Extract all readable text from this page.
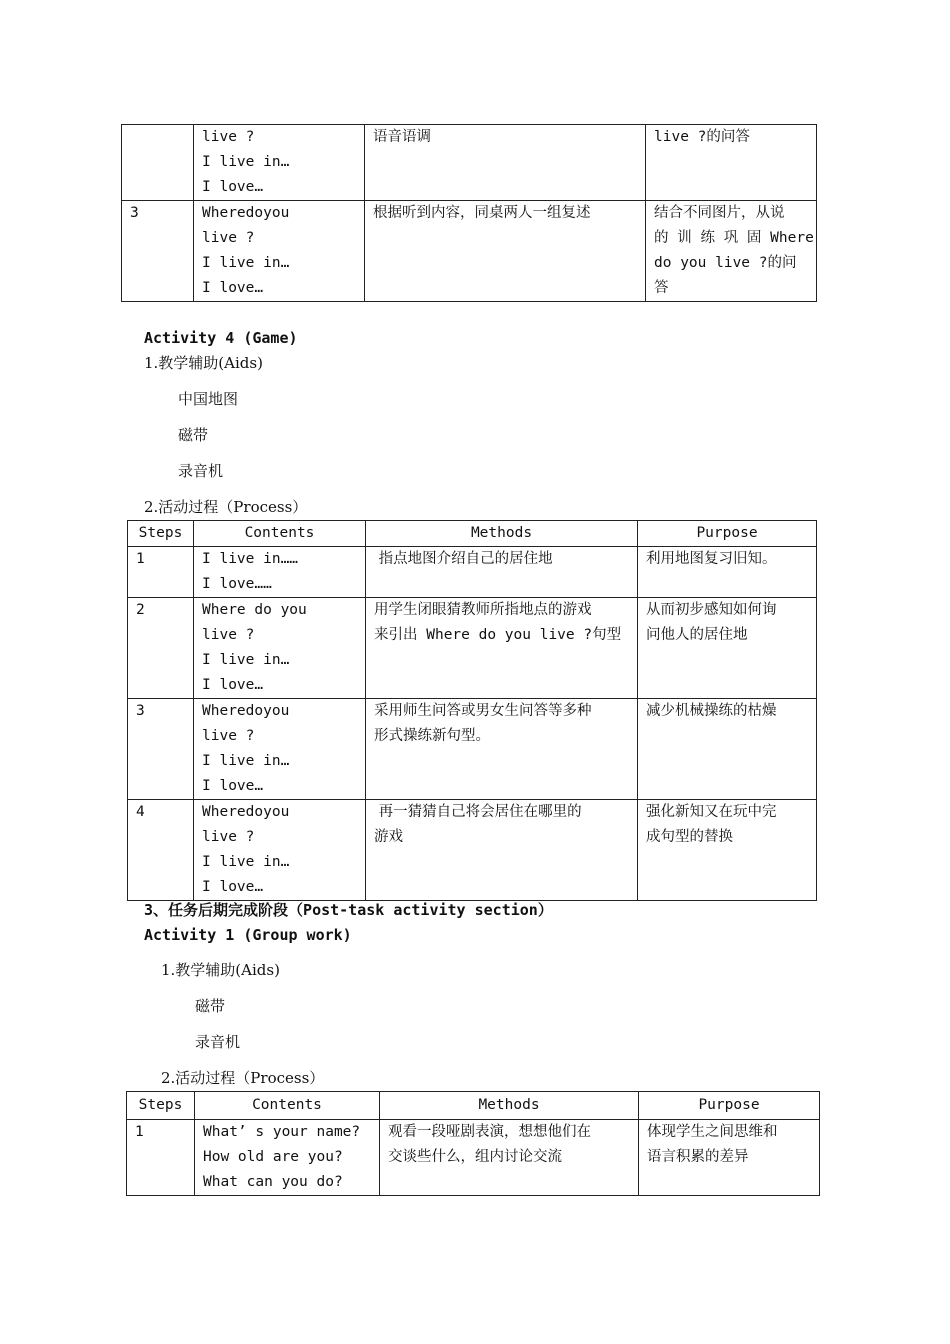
	live ?
I live in…
I love…	语音语调	live ?的问答

3	Wheredoyou
live ?
I live in…
I love…	根据听到内容，同桌两人一组复述	结合不同图片，从说
的 训 练 巩 固 Where
do you live ?的问
答
Activity 4 (Game)
1.教学辅助(Aids)
中国地图
磁带
录音机
2.活动过程（Process）
Steps	Contents	Methods	Purpose

1	I live in……
I love……	指点地图介绍自己的居住地	利用地图复习旧知。

2	Where do you
live ?
I live in…
I love…	用学生闭眼猜教师所指地点的游戏
来引出 Where do you live ?句型	从而初步感知如何询
问他人的居住地

3	Wheredoyou
live ?
I live in…
I love…	采用师生问答或男女生问答等多种
形式操练新句型。	减少机械操练的枯燥

4	Wheredoyou
live ?
I live in…
I love…	再一猜猜自己将会居住在哪里的
游戏	强化新知又在玩中完
成句型的替换
3、任务后期完成阶段（Post-task activity section）
Activity 1 (Group work)
1.教学辅助(Aids)
磁带
录音机
2.活动过程（Process）
Steps	Contents	Methods	Purpose

1	What’ s your name?
How old are you?
What can you do?	观看一段哑剧表演，想想他们在
交谈些什么，组内讨论交流	体现学生之间思维和
语言积累的差异
